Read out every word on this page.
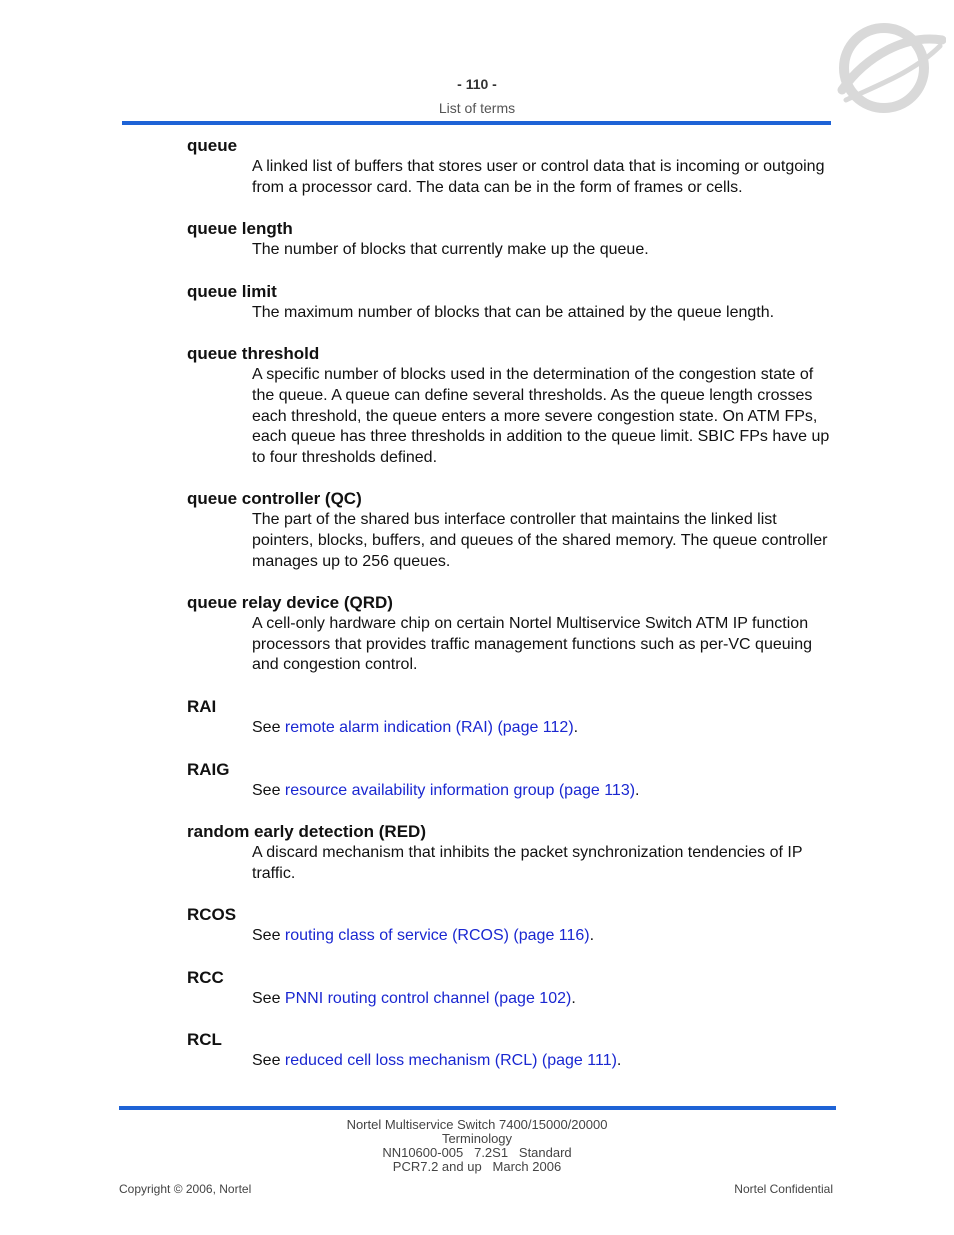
- 110 -
List of terms
queue
A linked list of buffers that stores user or control data that is incoming or outgoing from a processor card. The data can be in the form of frames or cells.
queue length
The number of blocks that currently make up the queue.
queue limit
The maximum number of blocks that can be attained by the queue length.
queue threshold
A specific number of blocks used in the determination of the congestion state of the queue. A queue can define several thresholds. As the queue length crosses each threshold, the queue enters a more severe congestion state. On ATM FPs, each queue has three thresholds in addition to the queue limit. SBIC FPs have up to four thresholds defined.
queue controller (QC)
The part of the shared bus interface controller that maintains the linked list pointers, blocks, buffers, and queues of the shared memory. The queue controller manages up to 256 queues.
queue relay device (QRD)
A cell-only hardware chip on certain Nortel Multiservice Switch ATM IP function processors that provides traffic management functions such as per-VC queuing and congestion control.
RAI
See remote alarm indication (RAI) (page 112).
RAIG
See resource availability information group (page 113).
random early detection (RED)
A discard mechanism that inhibits the packet synchronization tendencies of IP traffic.
RCOS
See routing class of service (RCOS) (page 116).
RCC
See PNNI routing control channel (page 102).
RCL
See reduced cell loss mechanism (RCL) (page 111).
Nortel Multiservice Switch 7400/15000/20000
Terminology
NN10600-005   7.2S1   Standard
PCR7.2 and up   March 2006
Copyright © 2006, Nortel	Nortel Confidential
